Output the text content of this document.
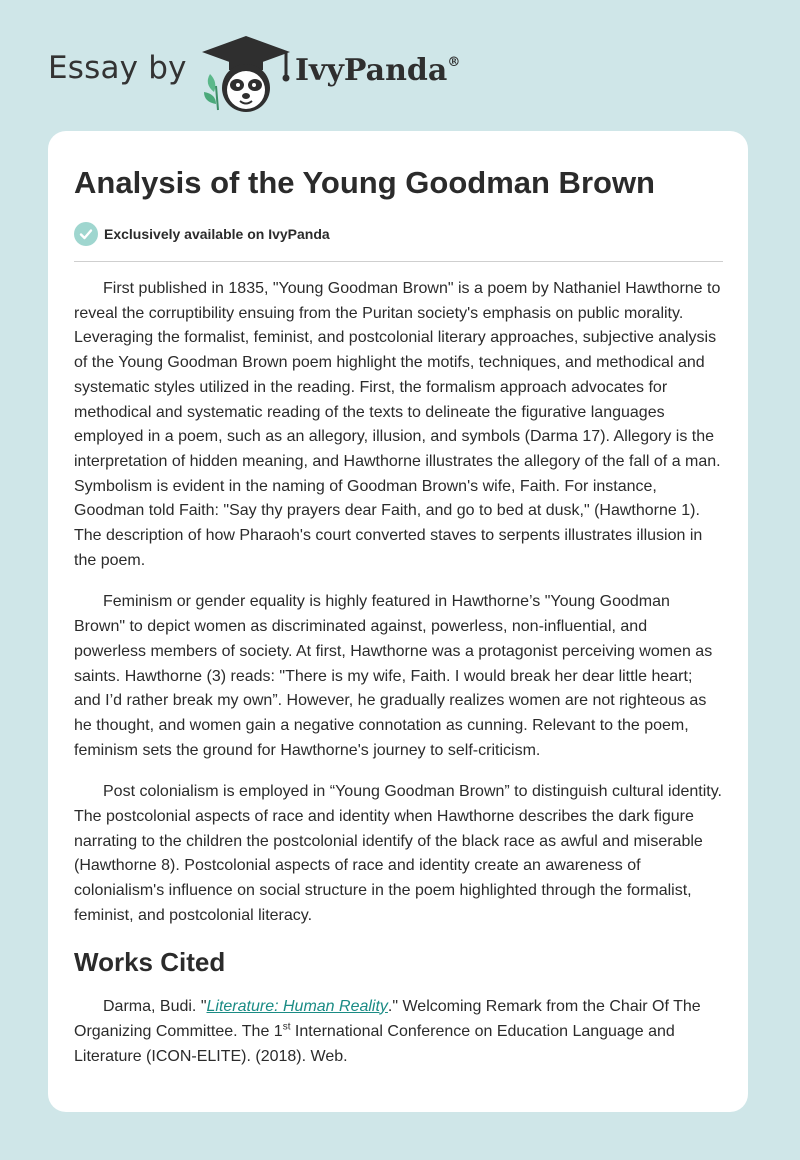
Essay by	IvyPanda®
Analysis of the Young Goodman Brown
Exclusively available on IvyPanda

First published in 1835, "Young Goodman Brown" is a poem by Nathaniel Hawthorne to reveal the corruptibility ensuing from the Puritan society's emphasis on public morality. Leveraging the formalist, feminist, and postcolonial literary approaches, subjective analysis of the Young Goodman Brown poem highlight the motifs, techniques, and methodical and systematic styles utilized in the reading. First, the formalism approach advocates for methodical and systematic reading of the texts to delineate the figurative languages employed in a poem, such as an allegory, illusion, and symbols (Darma 17). Allegory is the interpretation of hidden meaning, and Hawthorne illustrates the allegory of the fall of a man. Symbolism is evident in the naming of Goodman Brown's wife, Faith. For instance, Goodman told Faith: "Say thy prayers dear Faith, and go to bed at dusk," (Hawthorne 1). The description of how Pharaoh's court converted staves to serpents illustrates illusion in the poem.

Feminism or gender equality is highly featured in Hawthorne’s "Young Goodman Brown" to depict women as discriminated against, powerless, non-influential, and powerless members of society. At first, Hawthorne was a protagonist perceiving women as saints. Hawthorne (3) reads: "There is my wife, Faith. I would break her dear little heart; and I’d rather break my own”. However, he gradually realizes women are not righteous as he thought, and women gain a negative connotation as cunning. Relevant to the poem, feminism sets the ground for Hawthorne's journey to self-criticism.

Post colonialism is employed in “Young Goodman Brown” to distinguish cultural identity. The postcolonial aspects of race and identity when Hawthorne describes the dark figure narrating to the children the postcolonial identify of the black race as awful and miserable (Hawthorne 8). Postcolonial aspects of race and identity create an awareness of colonialism's influence on social structure in the poem highlighted through the formalist, feminist, and postcolonial literacy.

Works Cited

Darma, Budi. "Literature: Human Reality." Welcoming Remark from the Chair Of The Organizing Committee. The 1st International Conference on Education Language and Literature (ICON-ELITE). (2018). Web.
